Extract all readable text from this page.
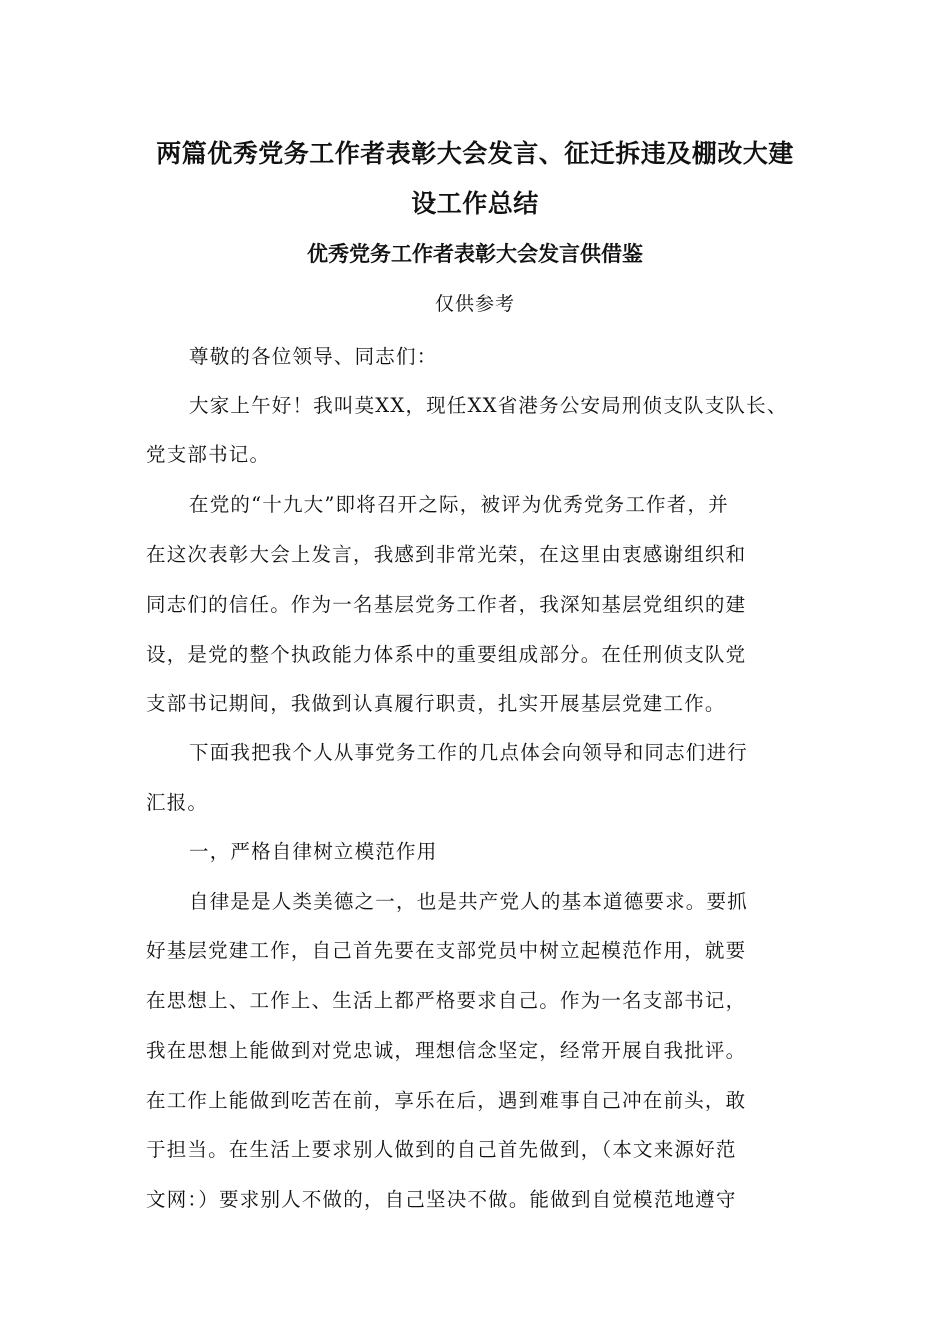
两篇优秀党务工作者表彰大会发言、征迁拆违及棚改大建
设工作总结
优秀党务工作者表彰大会发言供借鉴
仅供参考
尊敬的各位领导、同志们：
大家上午好！我叫莫XX，现任XX省港务公安局刑侦支队支队长、
党支部书记。
在党的“十九大”即将召开之际，被评为优秀党务工作者，并
在这次表彰大会上发言，我感到非常光荣，在这里由衷感谢组织和
同志们的信任。作为一名基层党务工作者，我深知基层党组织的建
设，是党的整个执政能力体系中的重要组成部分。在任刑侦支队党
支部书记期间，我做到认真履行职责，扎实开展基层党建工作。
下面我把我个人从事党务工作的几点体会向领导和同志们进行
汇报。
一，严格自律树立模范作用
自律是是人类美德之一，也是共产党人的基本道德要求。要抓
好基层党建工作，自己首先要在支部党员中树立起模范作用，就要
在思想上、工作上、生活上都严格要求自己。作为一名支部书记，
我在思想上能做到对党忠诚，理想信念坚定，经常开展自我批评。
在工作上能做到吃苦在前，享乐在后，遇到难事自己冲在前头，敢
于担当。在生活上要求别人做到的自己首先做到，（本文来源好范
文网：）要求别人不做的，自己坚决不做。能做到自觉模范地遵守
